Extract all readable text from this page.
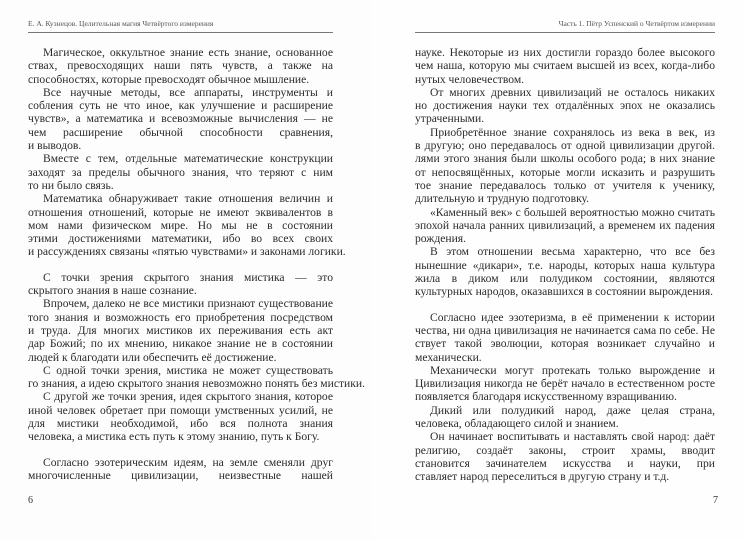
Е. А. Кузнецов. Целительная магия Четвёртого измерения
Магическое, оккультное знание есть знание, основанное
ствах, превосходящих наши пять чувств, а также на
способностях, которые превосходят обычное мышление.
Все научные методы, все аппараты, инструменты и
собления суть не что иное, как улучшение и расширение
чувств», а математика и всевозможные вычисления — не
чем расширение обычной способности сравнения,
и выводов.
Вместе с тем, отдельные математические конструкции
заходят за пределы обычного знания, что теряют с ним
то ни было связь.
Математика обнаруживает такие отношения величин и
отношения отношений, которые не имеют эквивалентов в
мом нами физическом мире. Но мы не в состоянии
этими достижениями математики, ибо во всех своих
и рассуждениях связаны «пятью чувствами» и законами логики.
С точки зрения скрытого знания мистика — это
скрытого знания в наше сознание.
Впрочем, далеко не все мистики признают существование
того знания и возможность его приобретения посредством
и труда. Для многих мистиков их переживания есть акт
дар Божий; по их мнению, никакое знание не в состоянии
людей к благодати или обеспечить её достижение.
С одной точки зрения, мистика не может существовать
го знания, а идею скрытого знания невозможно понять без мистики.
С другой же точки зрения, идея скрытого знания, которое
иной человек обретает при помощи умственных усилий, не
для мистики необходимой, ибо вся полнота знания
человека, а мистика есть путь к этому знанию, путь к Богу.
Согласно эзотерическим идеям, на земле сменяли друг
многочисленные цивилизации, неизвестные нашей
6
Часть 1. Пётр Успенский о Четвёртом измерении
науке. Некоторые из них достигли гораздо более высокого
чем наша, которую мы считаем высшей из всех, когда-либо
нутых человечеством.
От многих древних цивилизаций не осталось никаких
но достижения науки тех отдалённых эпох не оказались
утраченными.
Приобретённое знание сохранялось из века в век, из
в другую; оно передавалось от одной цивилизации другой.
лями этого знания были школы особого рода; в них знание
от непосвящённых, которые могли исказить и разрушить
тое знание передавалось только от учителя к ученику,
длительную и трудную подготовку.
«Каменный век» с большей вероятностью можно считать
эпохой начала ранних цивилизаций, а временем их падения
рождения.
В этом отношении весьма характерно, что все без
нынешние «дикари», т.е. народы, которых наша культура
жила в диком или полудиком состоянии, являются
культурных народов, оказавшихся в состоянии вырождения.
Согласно идее эзотеризма, в её применении к истории
чества, ни одна цивилизация не начинается сама по себе. Не
ствует такой эволюции, которая возникает случайно и
механически.
Механически могут протекать только вырождение и
Цивилизация никогда не берёт начало в естественном росте
появляется благодаря искусственному взращиванию.
Дикий или полудикий народ, даже целая страна,
человека, обладающего силой и знанием.
Он начинает воспитывать и наставлять свой народ: даёт
религию, создаёт законы, строит храмы, вводит
становится зачинателем искусства и науки, при
ставляет народ переселиться в другую страну и т.д.
7
